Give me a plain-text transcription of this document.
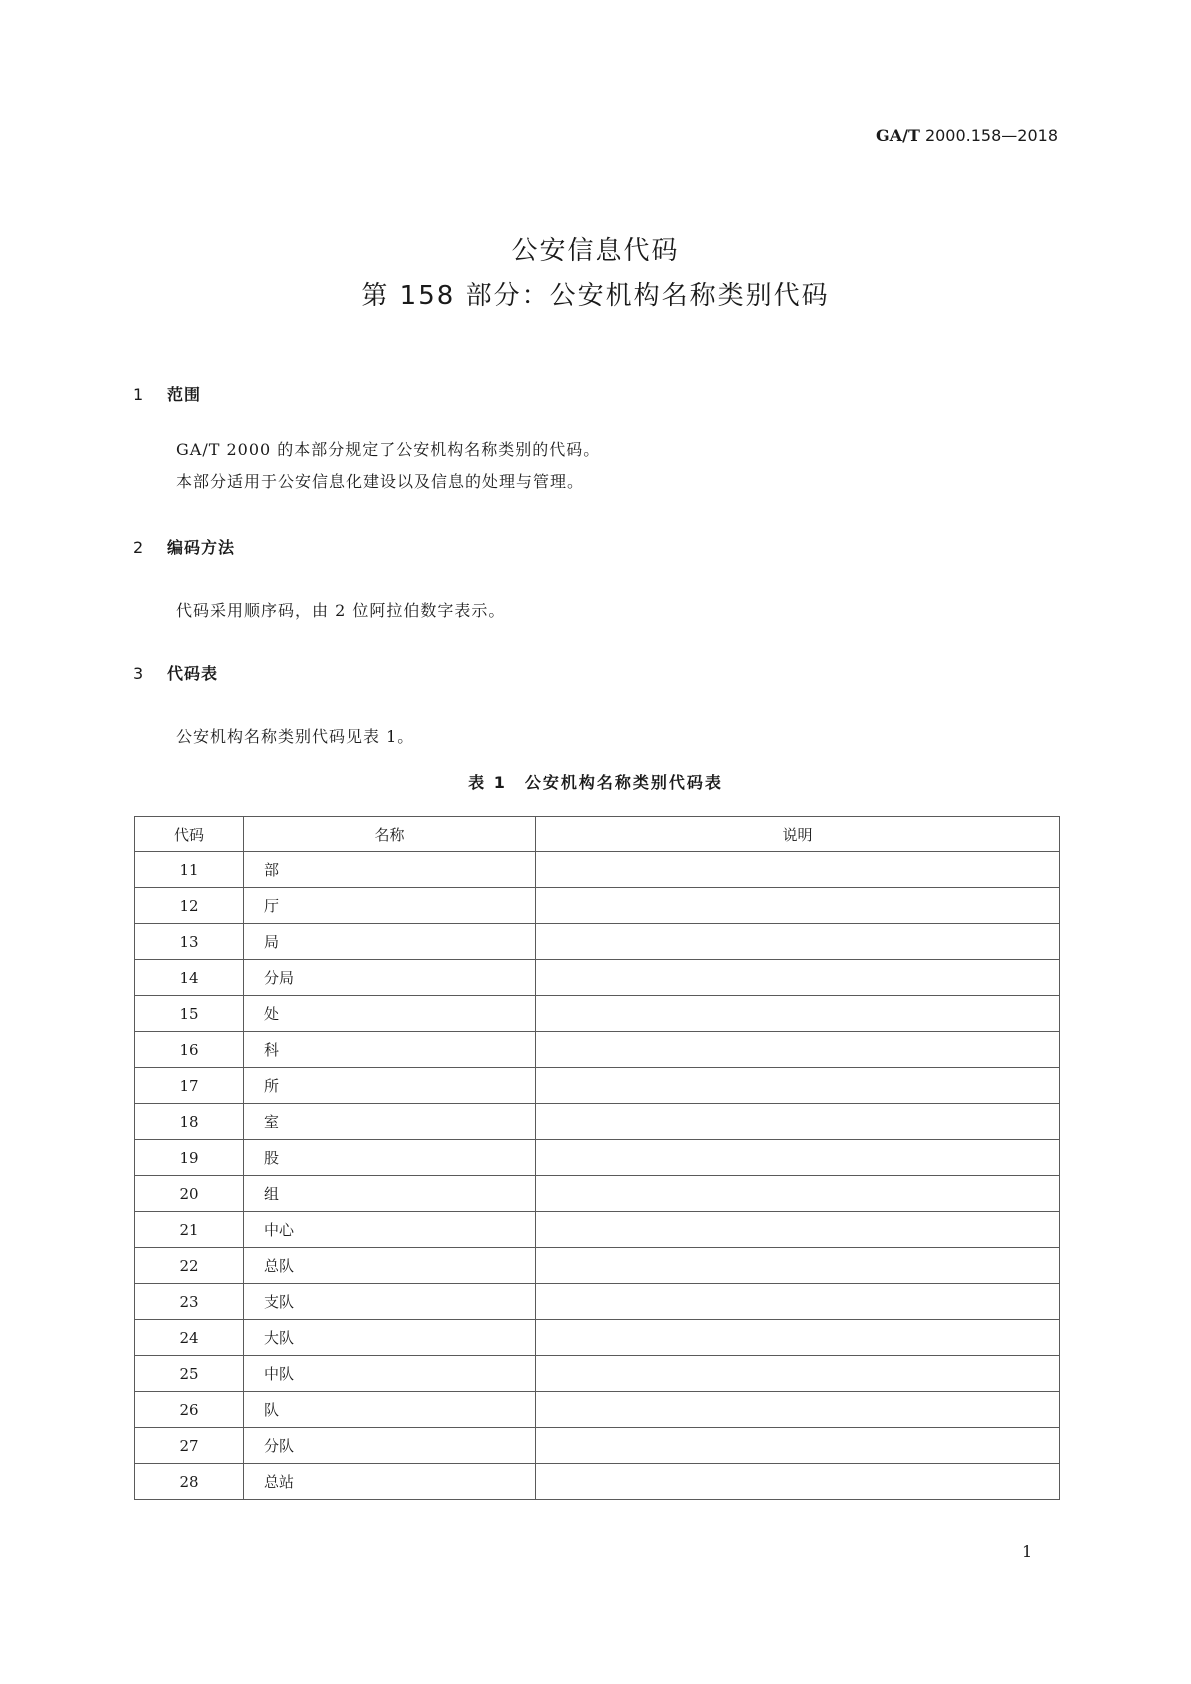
GA/T 2000.158—2018
公安信息代码
第 158 部分：公安机构名称类别代码
1 范围
GA/T 2000 的本部分规定了公安机构名称类别的代码。
本部分适用于公安信息化建设以及信息的处理与管理。
2 编码方法
代码采用顺序码，由 2 位阿拉伯数字表示。
3 代码表
公安机构名称类别代码见表 1。
表 1　公安机构名称类别代码表
代码	名称	说明
11	部	
12	厅	
13	局	
14	分局	
15	处	
16	科	
17	所	
18	室	
19	股	
20	组	
21	中心	
22	总队	
23	支队	
24	大队	
25	中队	
26	队	
27	分队	
28	总站	
1
